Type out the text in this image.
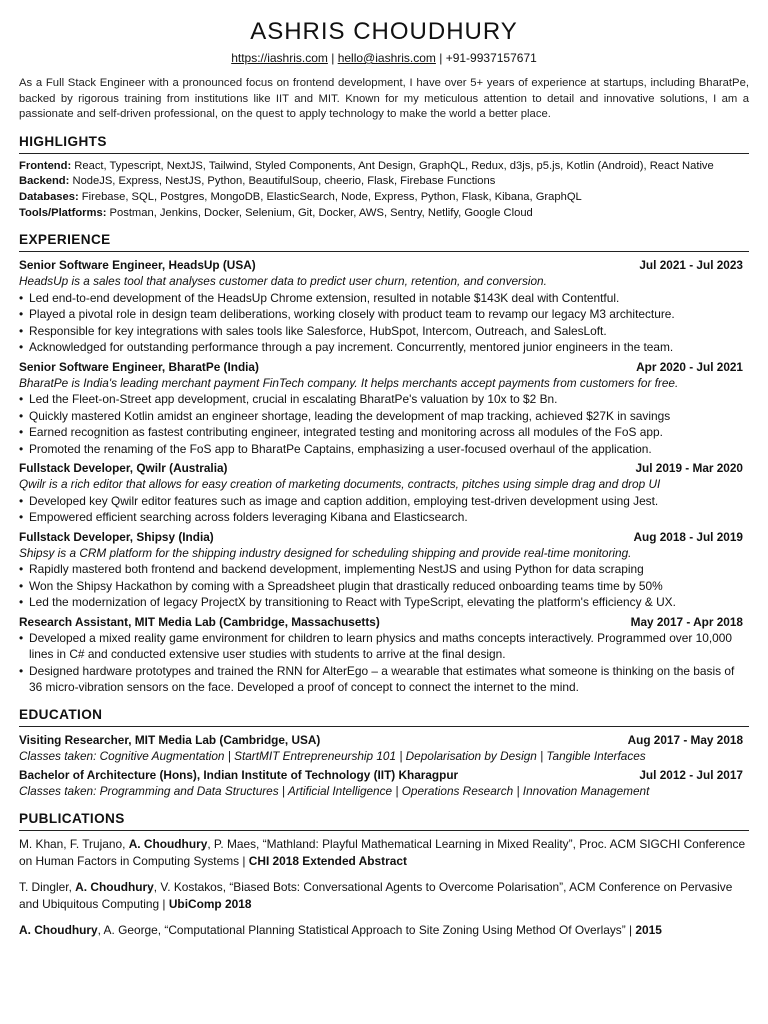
ASHRIS CHOUDHURY
https://iashris.com | hello@iashris.com | +91-9937157671

As a Full Stack Engineer with a pronounced focus on frontend development, I have over 5+ years of experience at startups, including BharatPe, backed by rigorous training from institutions like IIT and MIT. Known for my meticulous attention to detail and innovative solutions, I am a passionate and self-driven professional, on the quest to apply technology to make the world a better place.

HIGHLIGHTS
Frontend: React, Typescript, NextJS, Tailwind, Styled Components, Ant Design, GraphQL, Redux, d3js, p5.js, Kotlin (Android), React Native
Backend: NodeJS, Express, NestJS, Python, BeautifulSoup, cheerio, Flask, Firebase Functions
Databases: Firebase, SQL, Postgres, MongoDB, ElasticSearch, Node, Express, Python, Flask, Kibana, GraphQL
Tools/Platforms: Postman, Jenkins, Docker, Selenium, Git, Docker, AWS, Sentry, Netlify, Google Cloud
EXPERIENCE
Senior Software Engineer, HeadsUp (USA)	Jul 2021 - Jul 2023
HeadsUp is a sales tool that analyses customer data to predict user churn, retention, and conversion.
• Led end-to-end development of the HeadsUp Chrome extension, resulted in notable $143K deal with Contentful.
• Played a pivotal role in design team deliberations, working closely with product team to revamp our legacy M3 architecture.
• Responsible for key integrations with sales tools like Salesforce, HubSpot, Intercom, Outreach, and SalesLoft.
• Acknowledged for outstanding performance through a pay increment. Concurrently, mentored junior engineers in the team.
Senior Software Engineer, BharatPe (India)	Apr 2020 - Jul 2021
BharatPe is India's leading merchant payment FinTech company. It helps merchants accept payments from customers for free.
• Led the Fleet-on-Street app development, crucial in escalating BharatPe's valuation by 10x to $2 Bn.
• Quickly mastered Kotlin amidst an engineer shortage, leading the development of map tracking, achieved $27K in savings
• Earned recognition as fastest contributing engineer, integrated testing and monitoring across all modules of the FoS app.
• Promoted the renaming of the FoS app to BharatPe Captains, emphasizing a user-focused overhaul of the application.
Fullstack Developer, Qwilr (Australia)	Jul 2019 - Mar 2020
Qwilr is a rich editor that allows for easy creation of marketing documents, contracts, pitches using simple drag and drop UI
• Developed key Qwilr editor features such as image and caption addition, employing test-driven development using Jest.
• Empowered efficient searching across folders leveraging Kibana and Elasticsearch.
Fullstack Developer, Shipsy (India)	Aug 2018 - Jul 2019
Shipsy is a CRM platform for the shipping industry designed for scheduling shipping and provide real-time monitoring.
• Rapidly mastered both frontend and backend development, implementing NestJS and using Python for data scraping
• Won the Shipsy Hackathon by coming with a Spreadsheet plugin that drastically reduced onboarding teams time by 50%
• Led the modernization of legacy ProjectX by transitioning to React with TypeScript, elevating the platform's efficiency & UX.
Research Assistant, MIT Media Lab (Cambridge, Massachusetts)	May 2017 - Apr 2018
• Developed a mixed reality game environment for children to learn physics and maths concepts interactively. Programmed over 10,000 lines in C# and conducted extensive user studies with students to arrive at the final design.
• Designed hardware prototypes and trained the RNN for AlterEgo – a wearable that estimates what someone is thinking on the basis of 36 micro-vibration sensors on the face. Developed a proof of concept to connect the internet to the mind.
EDUCATION
Visiting Researcher, MIT Media Lab (Cambridge, USA)	Aug 2017 - May 2018
Classes taken: Cognitive Augmentation | StartMIT Entrepreneurship 101 | Depolarisation by Design | Tangible Interfaces
Bachelor of Architecture (Hons), Indian Institute of Technology (IIT) Kharagpur	Jul 2012 - Jul 2017
Classes taken: Programming and Data Structures | Artificial Intelligence | Operations Research | Innovation Management
PUBLICATIONS

M. Khan, F. Trujano, A. Choudhury, P. Maes, “Mathland: Playful Mathematical Learning in Mixed Reality”, Proc. ACM SIGCHI Conference on Human Factors in Computing Systems | CHI 2018 Extended Abstract

T. Dingler, A. Choudhury, V. Kostakos, “Biased Bots: Conversational Agents to Overcome Polarisation”, ACM Conference on Pervasive and Ubiquitous Computing | UbiComp 2018

A. Choudhury, A. George, “Computational Planning Statistical Approach to Site Zoning Using Method Of Overlays” | 2015
